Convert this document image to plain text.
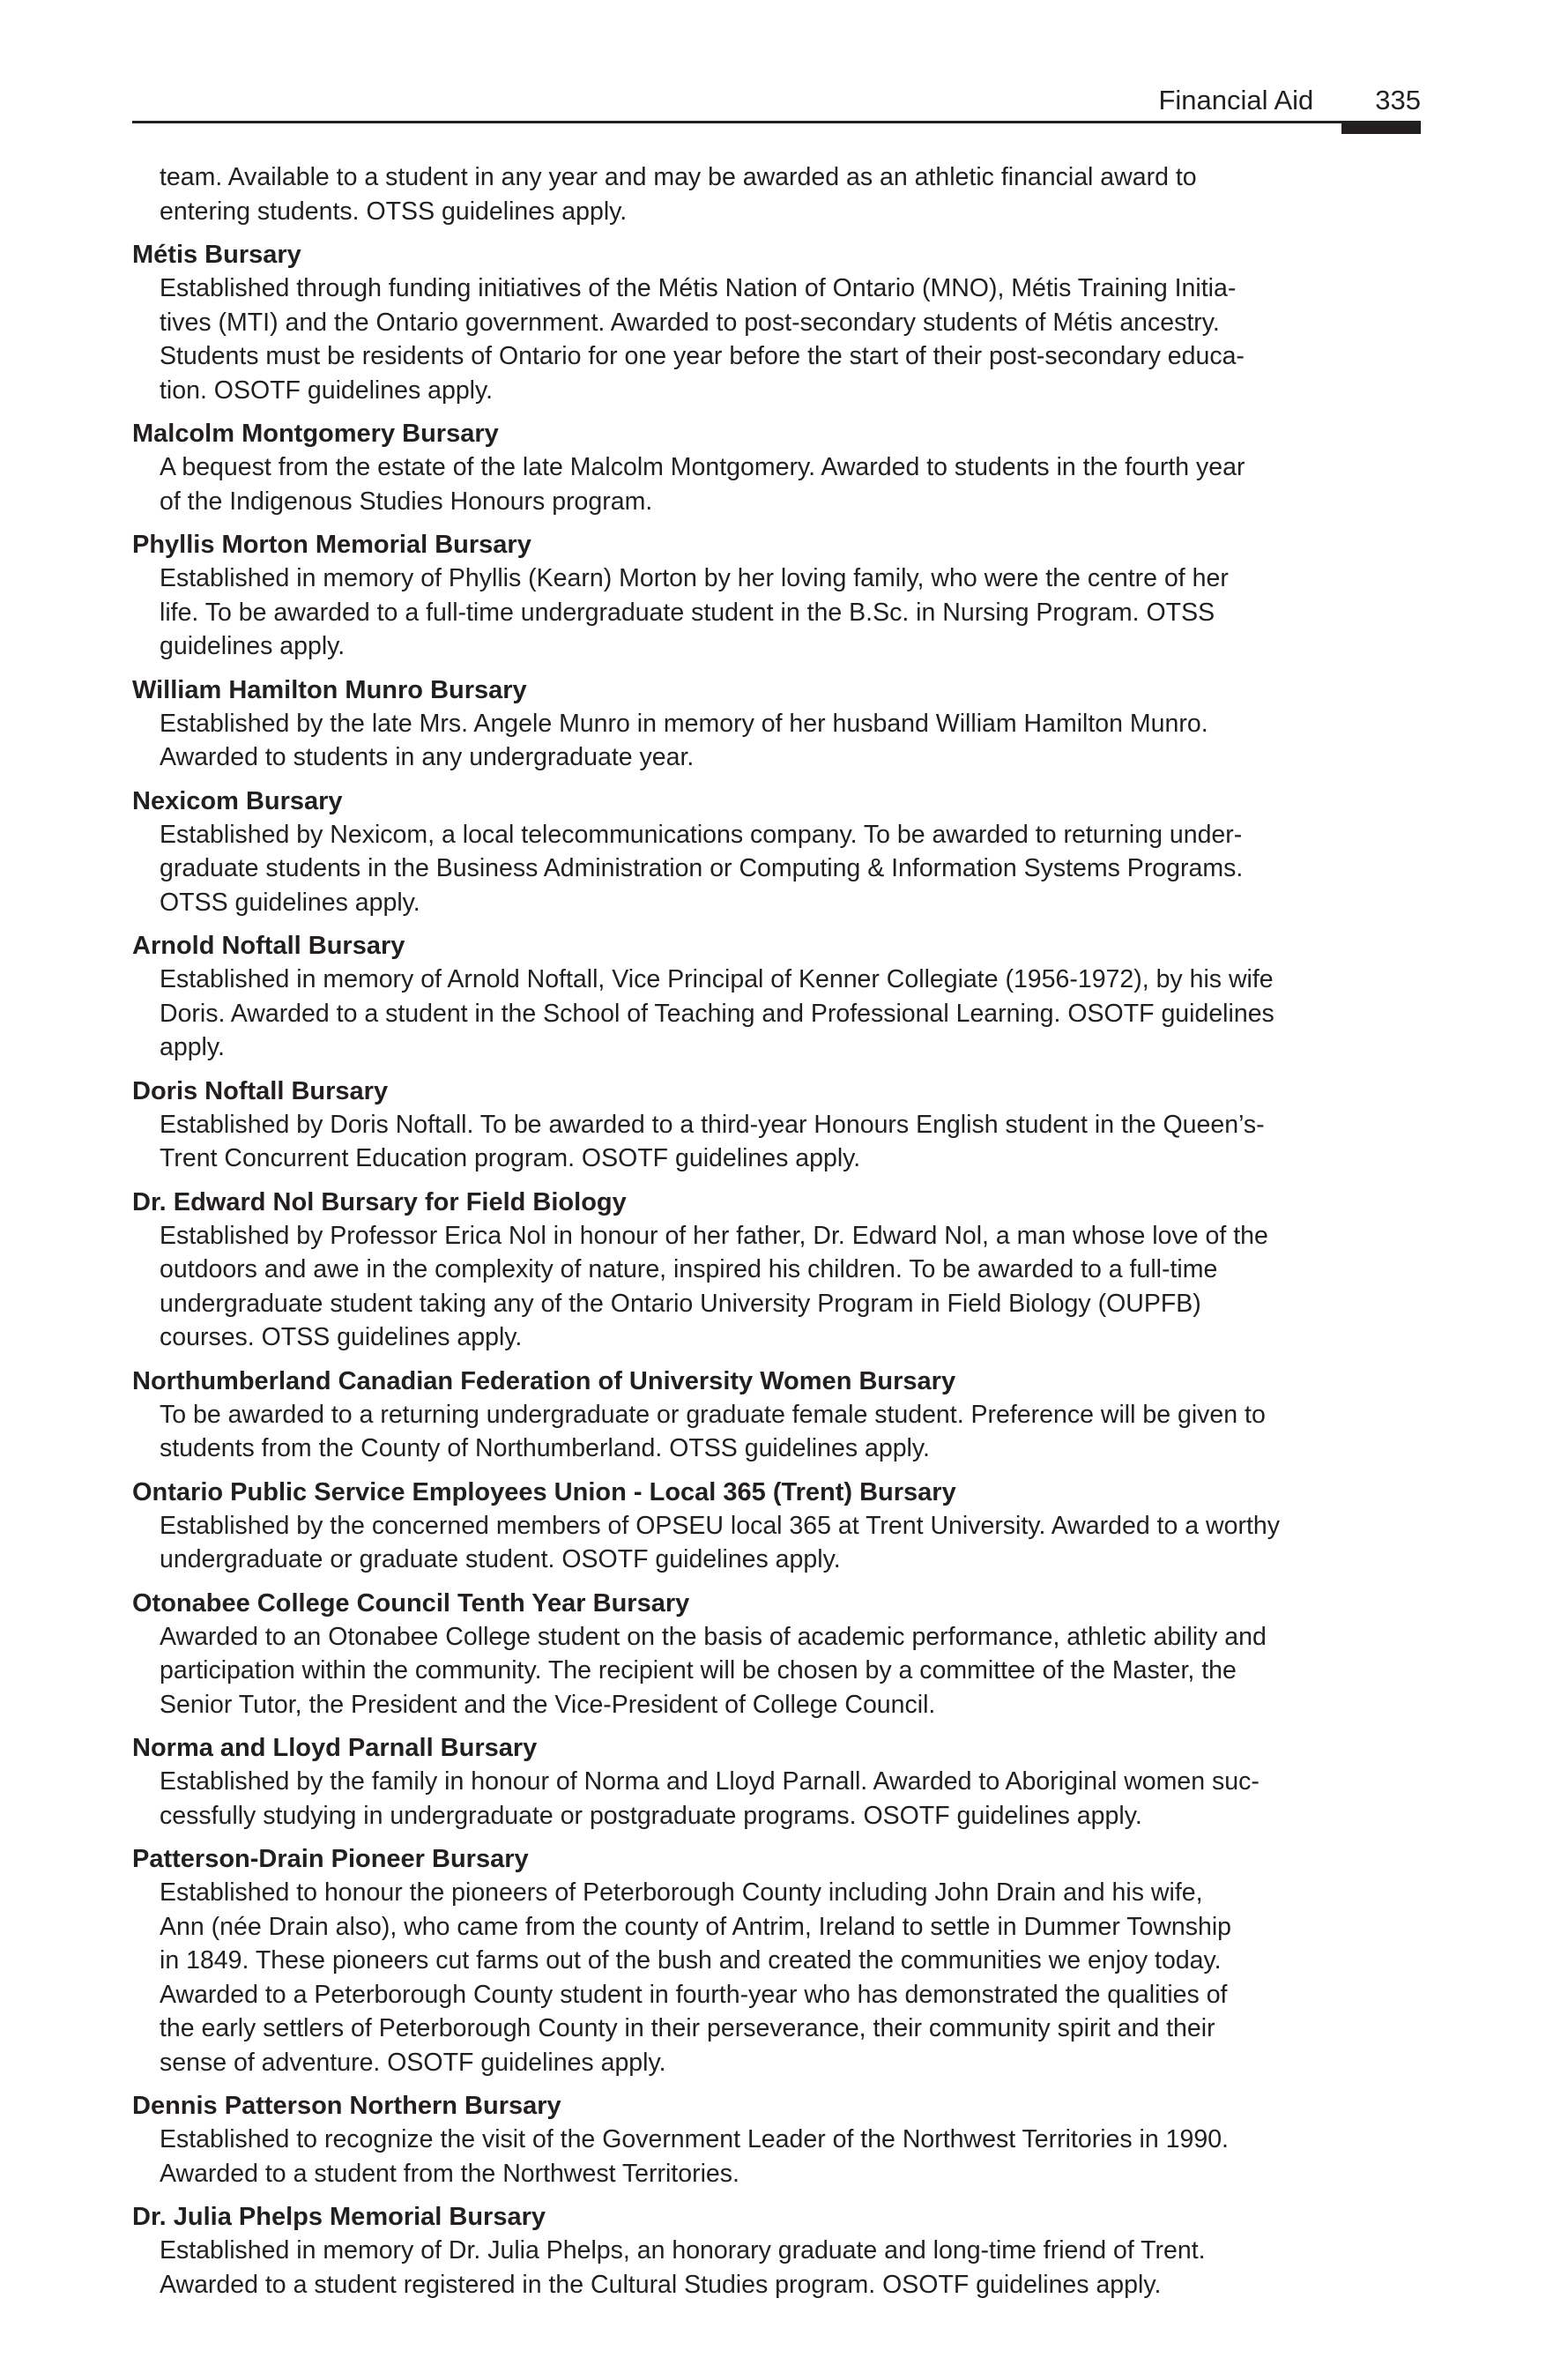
Financial Aid 335
team. Available to a student in any year and may be awarded as an athletic financial award to
entering students. OTSS guidelines apply.
Métis Bursary
Established through funding initiatives of the Métis Nation of Ontario (MNO), Métis Training Initia-
tives (MTI) and the Ontario government. Awarded to post-secondary students of Métis ancestry.
Students must be residents of Ontario for one year before the start of their post-secondary educa-
tion. OSOTF guidelines apply.
Malcolm Montgomery Bursary
A bequest from the estate of the late Malcolm Montgomery. Awarded to students in the fourth year
of the Indigenous Studies Honours program.
Phyllis Morton Memorial Bursary
Established in memory of Phyllis (Kearn) Morton by her loving family, who were the centre of her
life. To be awarded to a full-time undergraduate student in the B.Sc. in Nursing Program. OTSS
guidelines apply.
William Hamilton Munro Bursary
Established by the late Mrs. Angele Munro in memory of her husband William Hamilton Munro.
Awarded to students in any undergraduate year.
Nexicom Bursary
Established by Nexicom, a local telecommunications company. To be awarded to returning under-
graduate students in the Business Administration or Computing & Information Systems Programs.
OTSS guidelines apply.
Arnold Noftall Bursary
Established in memory of Arnold Noftall, Vice Principal of Kenner Collegiate (1956-1972), by his wife
Doris. Awarded to a student in the School of Teaching and Professional Learning. OSOTF guidelines
apply.
Doris Noftall Bursary
Established by Doris Noftall. To be awarded to a third-year Honours English student in the Queen’s-
Trent Concurrent Education program. OSOTF guidelines apply.
Dr. Edward Nol Bursary for Field Biology
Established by Professor Erica Nol in honour of her father, Dr. Edward Nol, a man whose love of the
outdoors and awe in the complexity of nature, inspired his children. To be awarded to a full-time
undergraduate student taking any of the Ontario University Program in Field Biology (OUPFB)
courses. OTSS guidelines apply.
Northumberland Canadian Federation of University Women Bursary
To be awarded to a returning undergraduate or graduate female student. Preference will be given to
students from the County of Northumberland. OTSS guidelines apply.
Ontario Public Service Employees Union - Local 365 (Trent) Bursary
Established by the concerned members of OPSEU local 365 at Trent University. Awarded to a worthy
undergraduate or graduate student. OSOTF guidelines apply.
Otonabee College Council Tenth Year Bursary
Awarded to an Otonabee College student on the basis of academic performance, athletic ability and
participation within the community. The recipient will be chosen by a committee of the Master, the
Senior Tutor, the President and the Vice-President of College Council.
Norma and Lloyd Parnall Bursary
Established by the family in honour of Norma and Lloyd Parnall. Awarded to Aboriginal women suc-
cessfully studying in undergraduate or postgraduate programs. OSOTF guidelines apply.
Patterson-Drain Pioneer Bursary
Established to honour the pioneers of Peterborough County including John Drain and his wife,
Ann (née Drain also), who came from the county of Antrim, Ireland to settle in Dummer Township
in 1849. These pioneers cut farms out of the bush and created the communities we enjoy today.
Awarded to a Peterborough County student in fourth-year who has demonstrated the qualities of
the early settlers of Peterborough County in their perseverance, their community spirit and their
sense of adventure. OSOTF guidelines apply.
Dennis Patterson Northern Bursary
Established to recognize the visit of the Government Leader of the Northwest Territories in 1990.
Awarded to a student from the Northwest Territories.
Dr. Julia Phelps Memorial Bursary
Established in memory of Dr. Julia Phelps, an honorary graduate and long-time friend of Trent.
Awarded to a student registered in the Cultural Studies program. OSOTF guidelines apply.
